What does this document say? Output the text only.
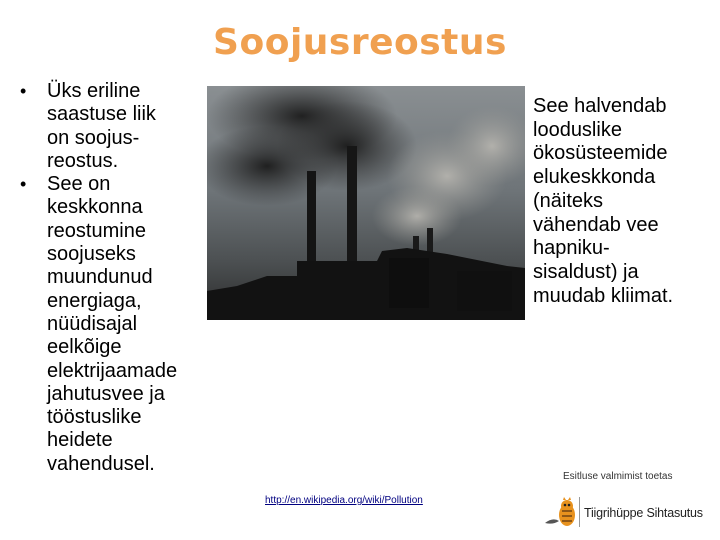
Soojusreostus
• Üks eriline
saastuse liik
on soojus-
reostus.
• See on
keskkonna
reostumine
soojuseks
muundunud
energiaga,
nüüdisajal
eelkõige
elektrijaamade
jahutusvee ja
tööstuslike
heidete
vahendusel.
See halvendab
looduslike
ökosüsteemide
elukeskkonda
(näiteks
vähendab vee
hapniku-
sisaldust) ja
muudab kliimat.
http://en.wikipedia.org/wiki/Pollution
Esitluse valmimist toetas
Tiigrihüppe Sihtasutus
